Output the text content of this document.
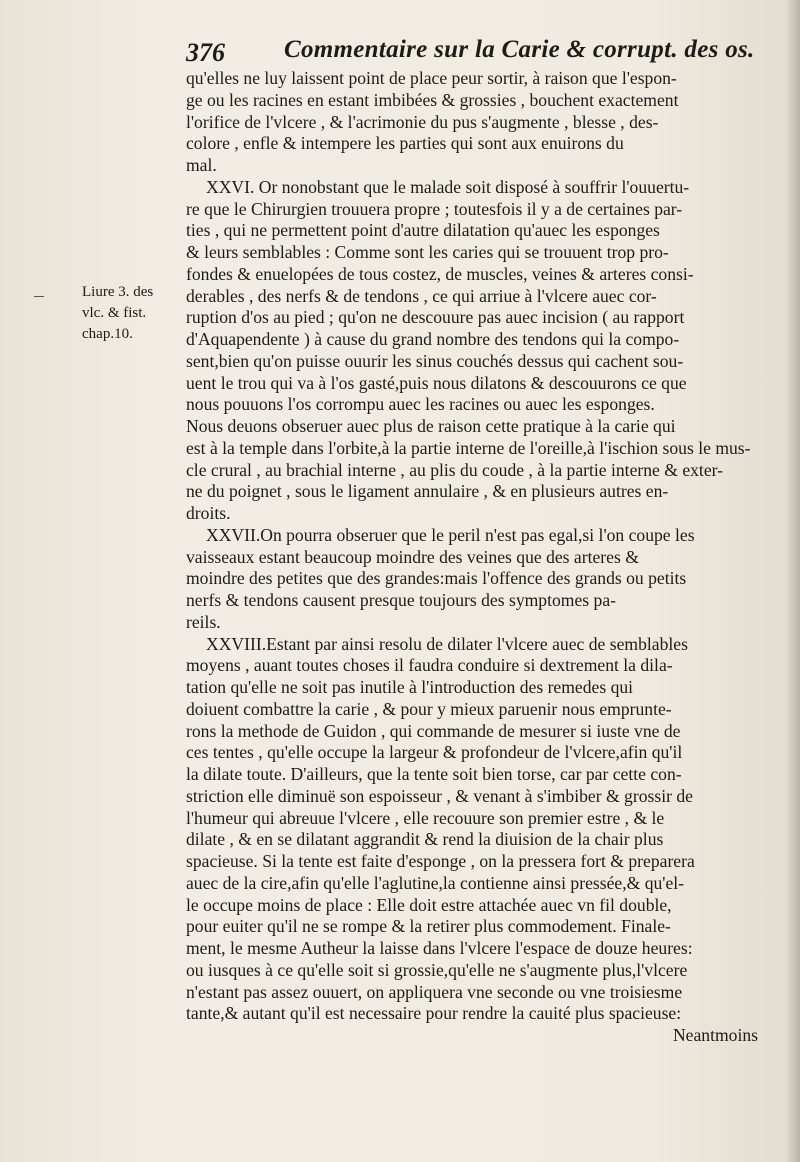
376 Commentaire sur la Carie & corrupt. des os.
Liure 3. des
vlc. & fist.
chap.10.
qu'elles ne luy laissent point de place peur sortir, à raison que l'espon-
ge ou les racines en estant imbibées & grossies , bouchent exactement
l'orifice de l'vlcere , & l'acrimonie du pus s'augmente , blesse , des-
colore , enfle & intempere les parties qui sont aux enuirons du
mal.
XXVI. Or nonobstant que le malade soit disposé à souffrir l'ouuertu-
re que le Chirurgien trouuera propre ; toutesfois il y a de certaines par-
ties , qui ne permettent point d'autre dilatation qu'auec les esponges
& leurs semblables : Comme sont les caries qui se trouuent trop pro-
fondes & enuelopées de tous costez, de muscles, veines & arteres consi-
derables , des nerfs & de tendons , ce qui arriue à l'vlcere auec cor-
ruption d'os au pied ; qu'on ne descouure pas auec incision ( au rapport
d'Aquapendente ) à cause du grand nombre des tendons qui la compo-
sent,bien qu'on puisse ouurir les sinus couchés dessus qui cachent sou-
uent le trou qui va à l'os gasté,puis nous dilatons & descouurons ce que
nous pouuons l'os corrompu auec les racines ou auec les esponges.
Nous deuons obseruer auec plus de raison cette pratique à la carie qui
est à la temple dans l'orbite,à la partie interne de l'oreille,à l'ischion sous le mus-
cle crural , au brachial interne , au plis du coude , à la partie interne & exter-
ne du poignet , sous le ligament annulaire , & en plusieurs autres en-
droits.
XXVII.On pourra obseruer que le peril n'est pas egal,si l'on coupe les
vaisseaux estant beaucoup moindre des veines que des arteres &
moindre des petites que des grandes:mais l'offence des grands ou petits
nerfs & tendons causent presque toujours des symptomes pa-
reils.
XXVIII.Estant par ainsi resolu de dilater l'vlcere auec de semblables
moyens , auant toutes choses il faudra conduire si dextrement la dila-
tation qu'elle ne soit pas inutile à l'introduction des remedes qui
doiuent combattre la carie , & pour y mieux paruenir nous emprunte-
rons la methode de Guidon , qui commande de mesurer si iuste vne de
ces tentes , qu'elle occupe la largeur & profondeur de l'vlcere,afin qu'il
la dilate toute. D'ailleurs, que la tente soit bien torse, car par cette con-
striction elle diminuë son espoisseur , & venant à s'imbiber & grossir de
l'humeur qui abreuue l'vlcere , elle recouure son premier estre , & le
dilate , & en se dilatant aggrandit & rend la diuision de la chair plus
spacieuse. Si la tente est faite d'esponge , on la pressera fort & preparera
auec de la cire,afin qu'elle l'aglutine,la contienne ainsi pressée,& qu'el-
le occupe moins de place : Elle doit estre attachée auec vn fil double,
pour euiter qu'il ne se rompe & la retirer plus commodement. Finale-
ment, le mesme Autheur la laisse dans l'vlcere l'espace de douze heures:
ou iusques à ce qu'elle soit si grossie,qu'elle ne s'augmente plus,l'vlcere
n'estant pas assez ouuert, on appliquera vne seconde ou vne troisiesme
tante,& autant qu'il est necessaire pour rendre la cauité plus spacieuse:
Neantmoins
